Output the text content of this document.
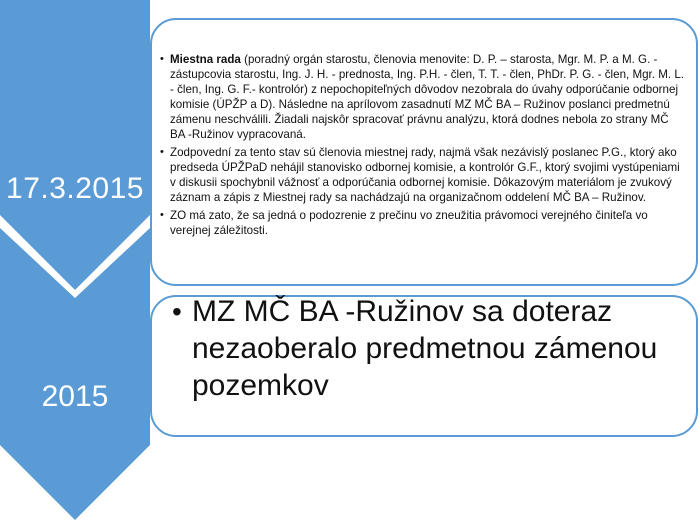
17.3.2015
2015
• Miestna rada (poradný orgán starostu, členovia menovite: D. P. – starosta, Mgr. M. P. a M. G. - zástupcovia starostu, Ing. J. H. - prednosta, Ing. P.H. - člen, T. T. - člen, PhDr. P. G. - člen, Mgr. M. L. - člen, Ing. G. F.- kontrolór) z nepochopiteľných dôvodov nezobrala do úvahy odporúčanie odbornej komisie (ÚPŽP a D). Následne na aprílovom zasadnutí MZ MČ BA – Ružinov poslanci predmetnú zámenu neschválili. Žiadali najskôr spracovať právnu analýzu, ktorá dodnes nebola zo strany MČ BA -Ružinov vypracovaná.
• Zodpovední za tento stav sú členovia miestnej rady, najmä však nezávislý poslanec P.G., ktorý ako predseda ÚPŽPaD nehájil stanovisko odbornej komisie, a kontrolór G.F., ktorý svojimi vystúpeniami v diskusii spochybnil vážnosť a odporúčania odbornej komisie. Dôkazovým materiálom je zvukový záznam a zápis z Miestnej rady sa nachádzajú na organizačnom oddelení MČ BA – Ružinov.
• ZO má zato, že sa jedná o podozrenie z prečinu vo zneužitia právomoci verejného činiteľa vo verejnej záležitosti.
• MZ MČ BA -Ružinov sa doteraz nezaoberalo predmetnou zámenou pozemkov
